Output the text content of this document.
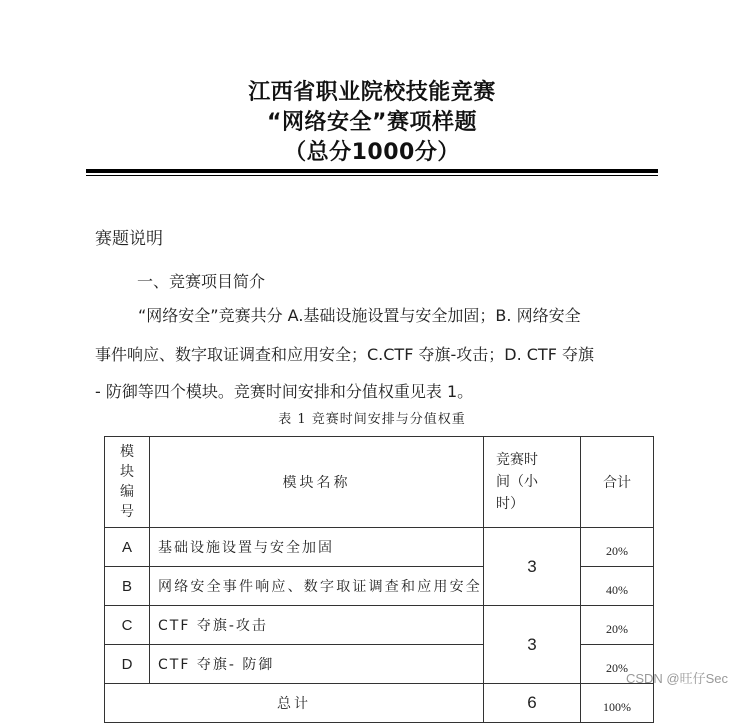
江西省职业院校技能竞赛
“网络安全”赛项样题
（总分1000分）
赛题说明
一、竞赛项目简介
“网络安全”竞赛共分 A.基础设施设置与安全加固；B. 网络安全
事件响应、数字取证调查和应用安全；C.CTF 夺旗-攻击；D. CTF 夺旗
- 防御等四个模块。竞赛时间安排和分值权重见表 1。
表 1 竞赛时间安排与分值权重
模
块
编
号	模块名称	竞赛时
间（小
时）	合计
A	基础设施设置与安全加固	3	20%
B	网络安全事件响应、数字取证调查和应用安全		40%
C	CTF 夺旗-攻击	3	20%
D	CTF 夺旗- 防御		20%
总计		6	100%
CSDN @旺仔Sec
